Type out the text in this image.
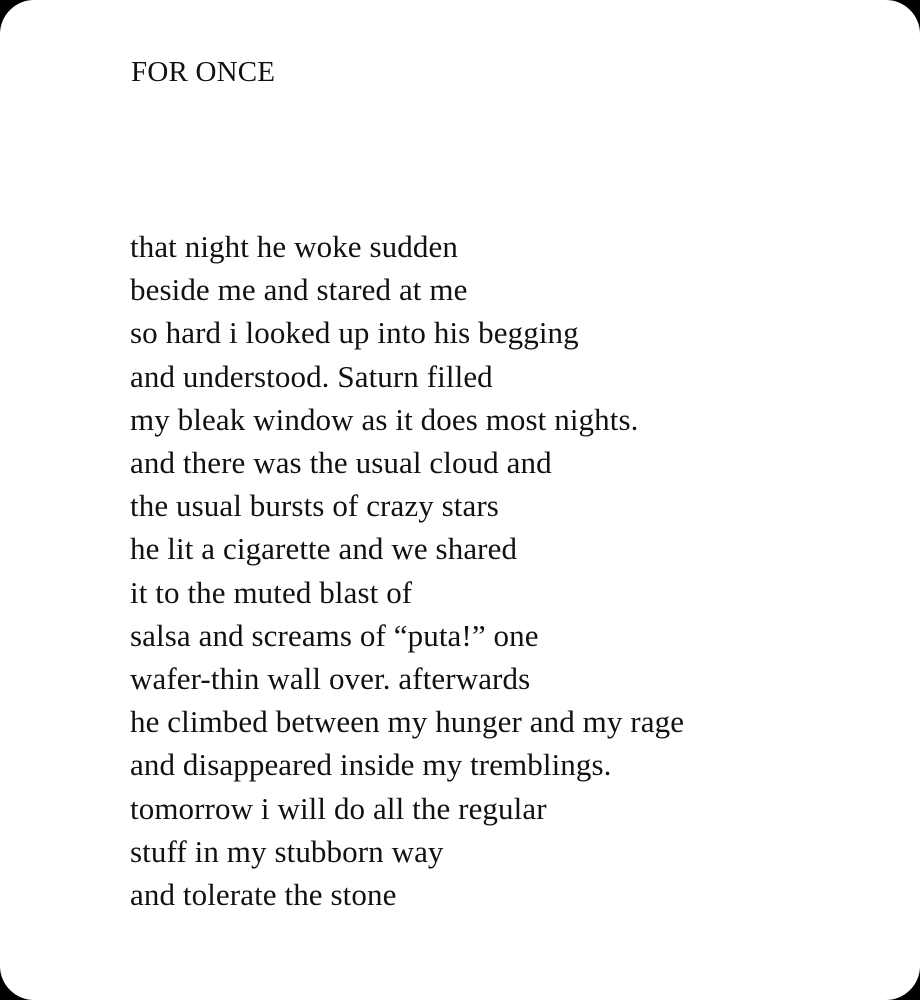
FOR ONCE
that night he woke sudden
beside me and stared at me
so hard i looked up into his begging
and understood. Saturn filled
my bleak window as it does most nights.
and there was the usual cloud and
the usual bursts of crazy stars
he lit a cigarette and we shared
it to the muted blast of
salsa and screams of “puta!” one
wafer-thin wall over. afterwards
he climbed between my hunger and my rage
and disappeared inside my tremblings.
tomorrow i will do all the regular
stuff in my stubborn way
and tolerate the stone
